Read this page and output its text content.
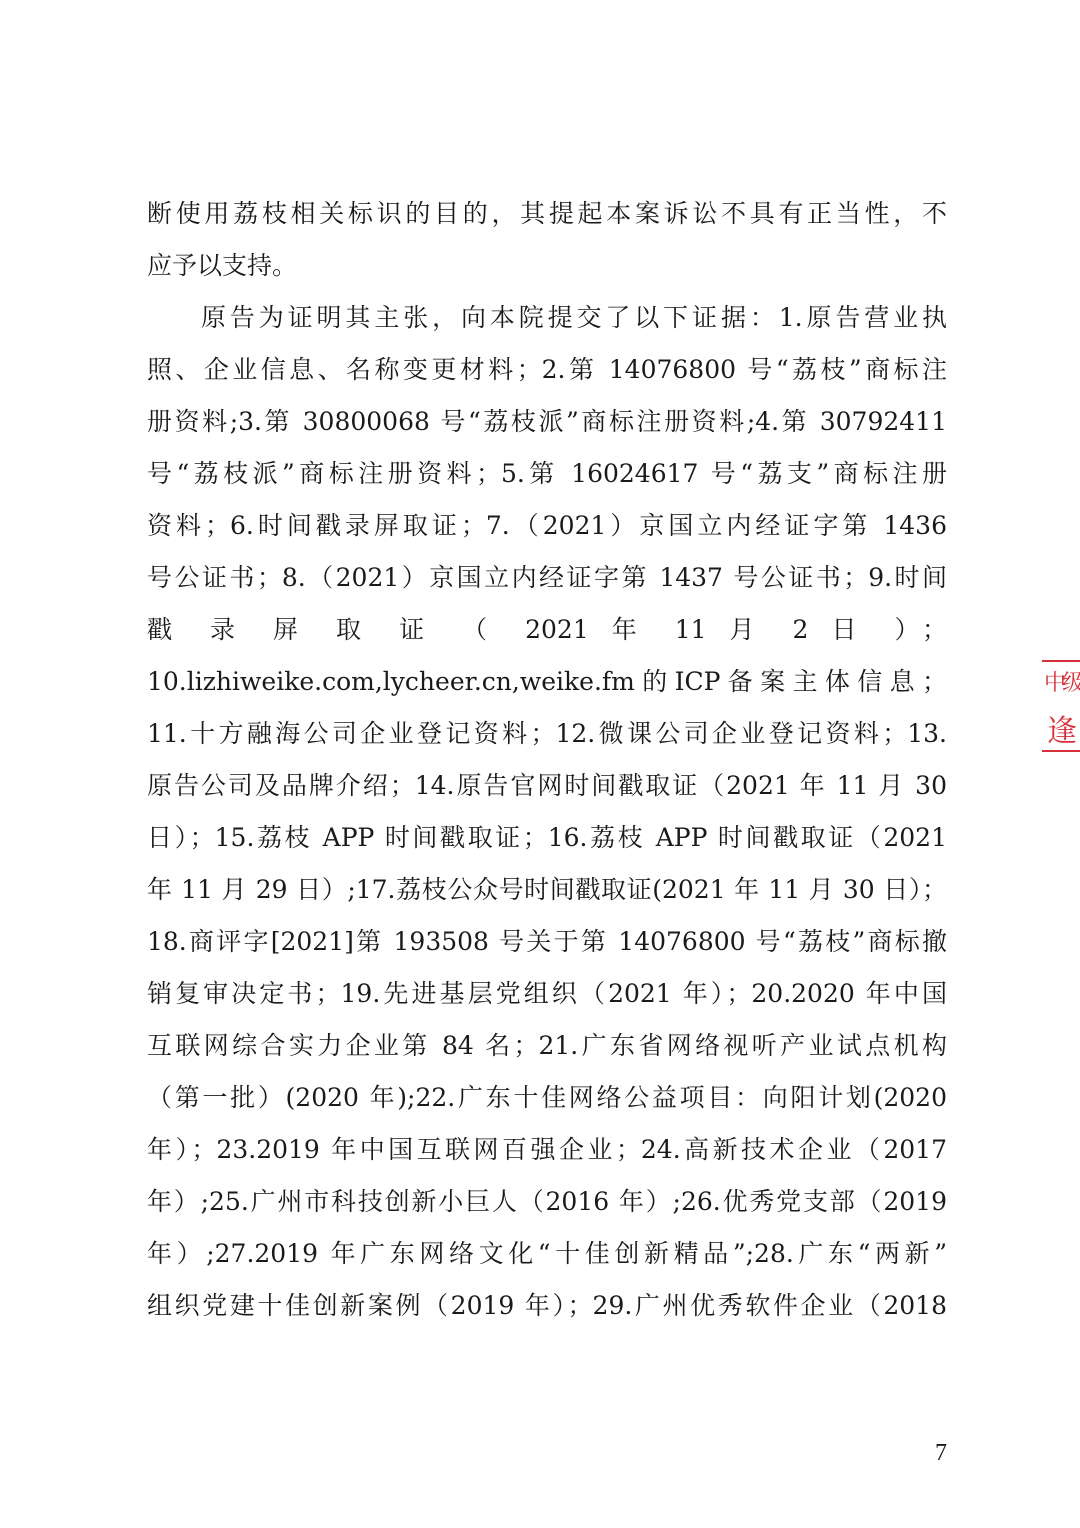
断使用荔枝相关标识的目的，其提起本案诉讼不具有正当性，不
应予以支持。
原告为证明其主张，向本院提交了以下证据：1.原告营业执
照、企业信息、名称变更材料；2.第 14076800 号“荔枝”商标注
册资料;3.第 30800068 号“荔枝派”商标注册资料;4.第 30792411
号“荔枝派”商标注册资料；5.第 16024617 号“荔支”商标注册
资料；6.时间戳录屏取证；7.（2021）京国立内经证字第 1436
号公证书；8.（2021）京国立内经证字第 1437 号公证书；9.时间
戳 录 屏 取 证 （ 2021 年 11 月 2 日 ）；
10.lizhiweike.com,lycheer.cn,weike.fm的ICP备案主体信息；
11.十方融海公司企业登记资料；12.微课公司企业登记资料；13.
原告公司及品牌介绍；14.原告官网时间戳取证（2021 年 11 月 30
日）；15.荔枝 APP 时间戳取证；16.荔枝 APP 时间戳取证（2021
年 11 月 29 日）;17.荔枝公众号时间戳取证(2021 年 11 月 30 日）；
18.商评字[2021]第 193508 号关于第 14076800 号“荔枝”商标撤
销复审决定书；19.先进基层党组织（2021 年）；20.2020 年中国
互联网综合实力企业第 84 名；21.广东省网络视听产业试点机构
（第一批）(2020 年);22.广东十佳网络公益项目：向阳计划(2020
年）；23.2019 年中国互联网百强企业；24.高新技术企业（2017
年）;25.广州市科技创新小巨人（2016 年）;26.优秀党支部（2019
年）;27.2019 年广东网络文化“十佳创新精品”;28.广东“两新”
组织党建十佳创新案例（2019 年）；29.广州优秀软件企业（2018
中级
逢
7
